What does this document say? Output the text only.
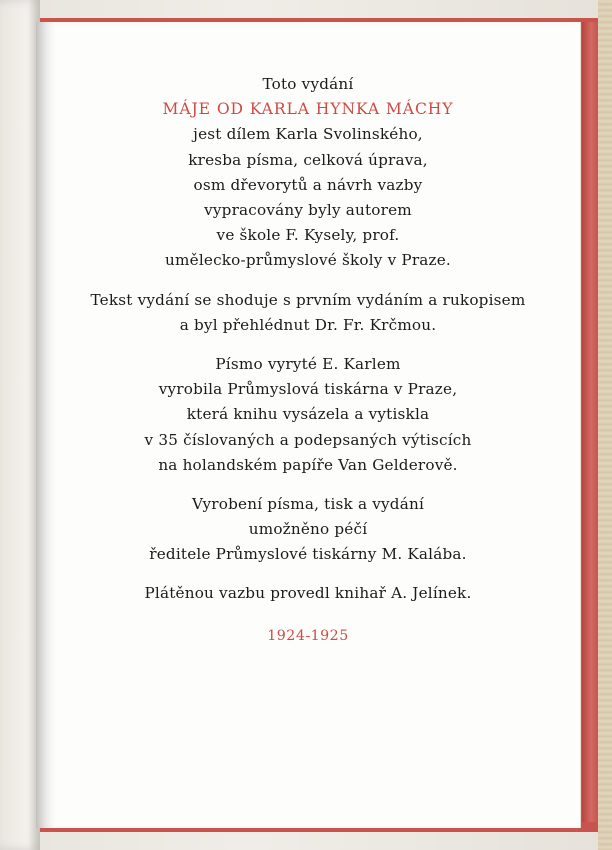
Toto vydání
MÁJE OD KARLA HYNKA MÁCHY
jest dílem Karla Svolinského,
kresba písma, celková úprava,
osm dřevorytů a návrh vazby
vypracovány byly autorem
ve škole F. Kysely, prof.
umělecko-průmyslové školy v Praze.
Tekst vydání se shoduje s prvním vydáním a rukopisem
a byl přehlédnut Dr. Fr. Krčmou.
Písmo vyryté E. Karlem
vyrobila Průmyslová tiskárna v Praze,
která knihu vysázela a vytiskla
v 35 číslovaných a podepsaných výtiscích
na holandském papíře Van Gelderově.
Vyrobení písma, tisk a vydání
umožněno péčí
ředitele Průmyslové tiskárny M. Kalába.
Plátěnou vazbu provedl knihař A. Jelínek.
1924-1925
